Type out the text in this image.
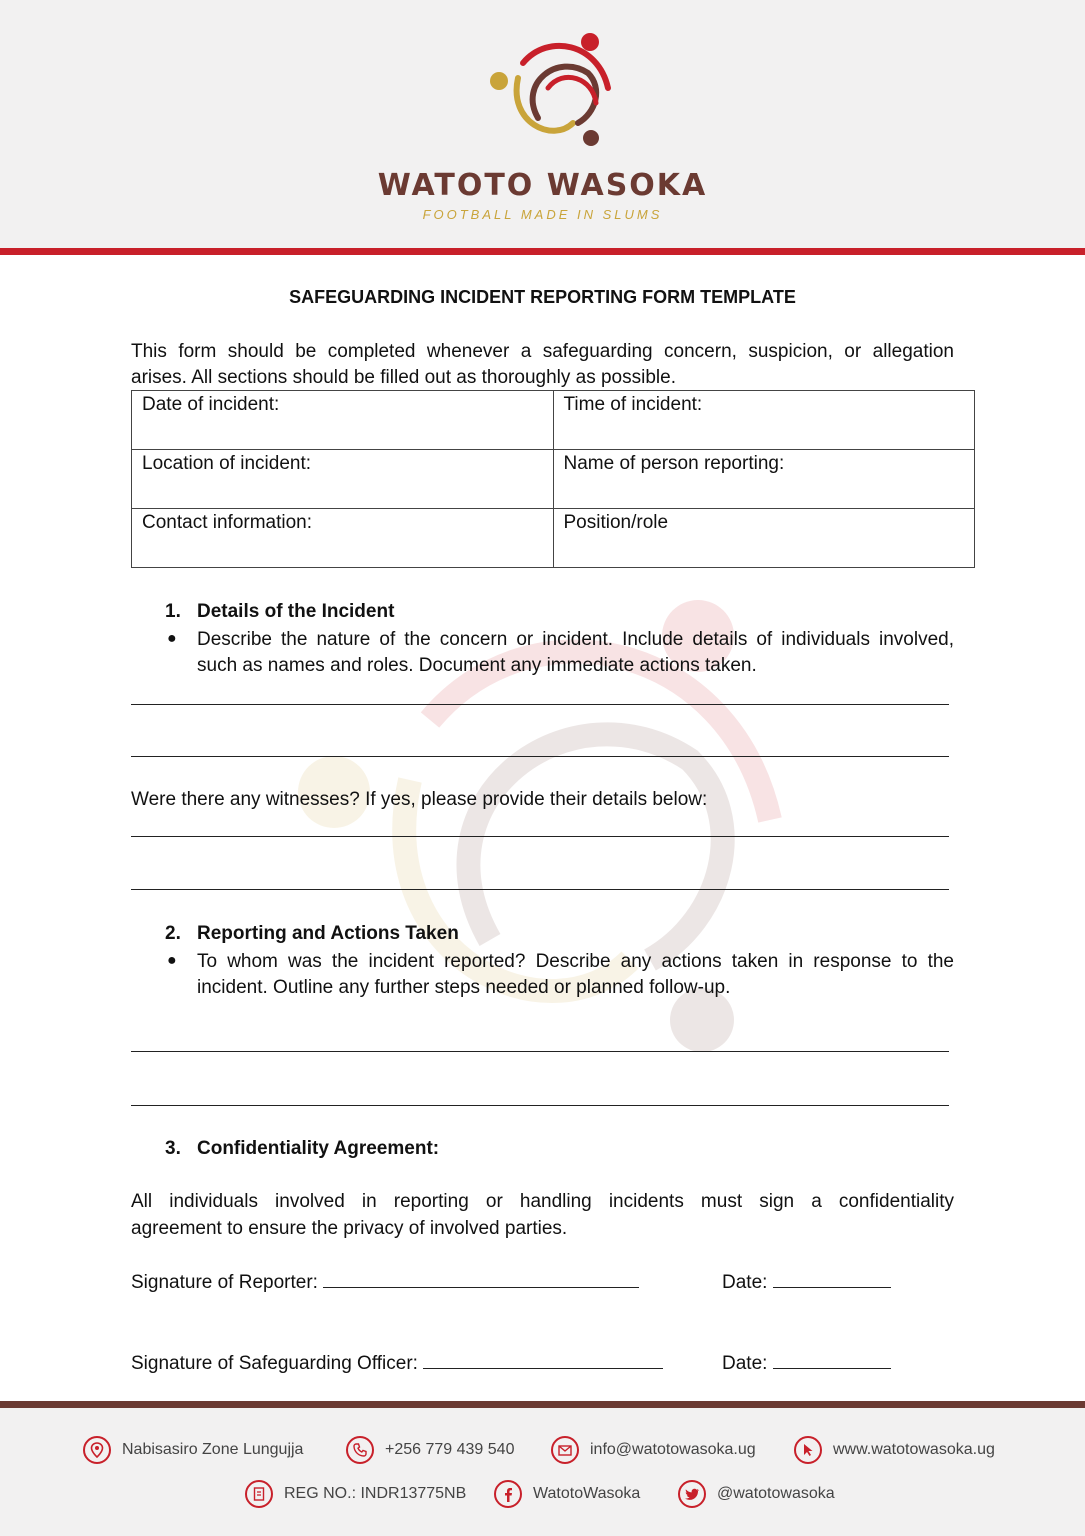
WATOTO WASOKA
FOOTBALL MADE IN SLUMS
SAFEGUARDING INCIDENT REPORTING FORM TEMPLATE
This form should be completed whenever a safeguarding concern, suspicion, or allegation
arises. All sections should be filled out as thoroughly as possible.
Date of incident:	Time of incident:
Location of incident:	Name of person reporting:
Contact information:	Position/role
1. Details of the Incident
● Describe the nature of the concern or incident. Include details of individuals involved,
such as names and roles. Document any immediate actions taken.
Were there any witnesses? If yes, please provide their details below:
2. Reporting and Actions Taken
● To whom was the incident reported? Describe any actions taken in response to the
incident. Outline any further steps needed or planned follow-up.
3. Confidentiality Agreement:
All individuals involved in reporting or handling incidents must sign a confidentiality
agreement to ensure the privacy of involved parties.
Signature of Reporter:	Date:
Signature of Safeguarding Officer:	Date:
Nabisasiro Zone Lungujja	+256 779 439 540	info@watotowasoka.ug	www.watotowasoka.ug
REG NO.: INDR13775NB	WatotoWasoka	@watotowasoka
